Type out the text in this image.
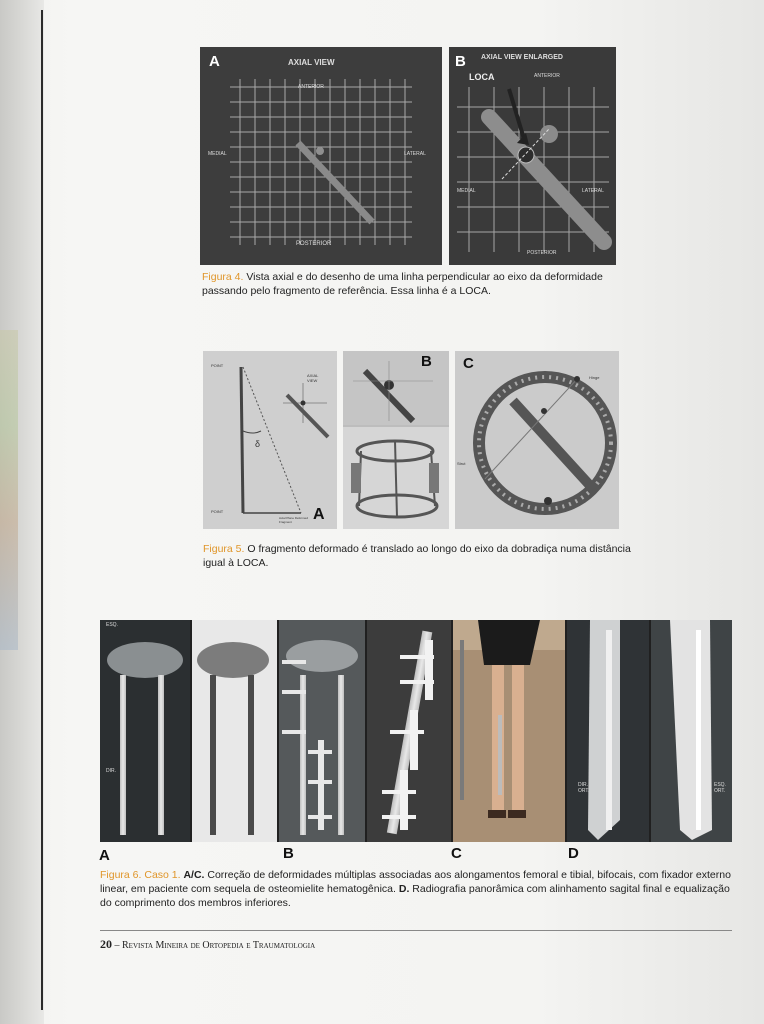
A	AXIAL VIEW
ANTERIOR
POSTERIOR
MEDIAL	LATERAL
B AXIAL VIEW ENLARGED
LOCA	ANTERIOR
POSTERIOR
MEDIAL	LATERAL
Figura 4. Vista axial e do desenho de uma linha perpendicular ao eixo da deformidade passando pelo fragmento de referência. Essa linha é a LOCA.
POINT
POINT
AXIAL VIEW
δ
Axial Plane Deformed Fragment	A
B C
Hinge
Strut
Figura 5. O fragmento deformado é translado ao longo do eixo da dobradiça numa distância igual à LOCA.
ESQ.
DIR.
DIR. ORT.
ESQ. ORT.
A	B	C	D
Figura 6. Caso 1. A/C. Correção de deformidades múltiplas associadas aos alongamentos femoral e tibial, bifocais, com fixador externo linear, em paciente com sequela de osteomielite hematogênica. D. Radiografia panorâmica com alinhamento sagital final e equalização do comprimento dos membros inferiores.
20 – Revista Mineira de Ortopedia e Traumatologia
